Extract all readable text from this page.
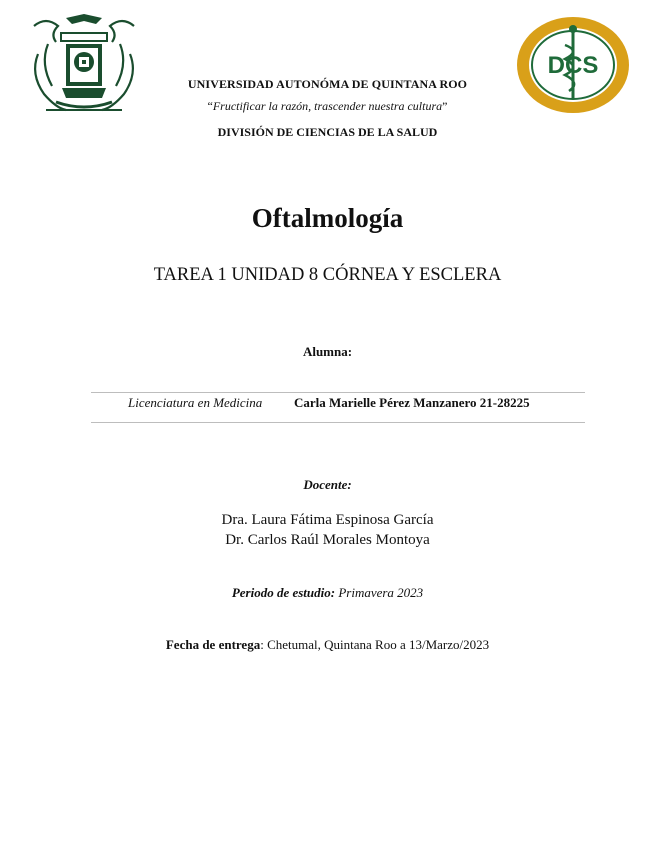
DCS
UNIVERSIDAD AUTONÓMA DE QUINTANA ROO
“Fructificar la razón, trascender nuestra cultura”
DIVISIÓN DE CIENCIAS DE LA SALUD
Oftalmología
TAREA 1 UNIDAD 8 CÓRNEA Y ESCLERA
Alumna:
Licenciatura en Medicina Carla Marielle Pérez Manzanero 21-28225
Docente:
Dra. Laura Fátima Espinosa García
Dr. Carlos Raúl Morales Montoya
Periodo de estudio: Primavera 2023
Fecha de entrega: Chetumal, Quintana Roo a 13/Marzo/2023
